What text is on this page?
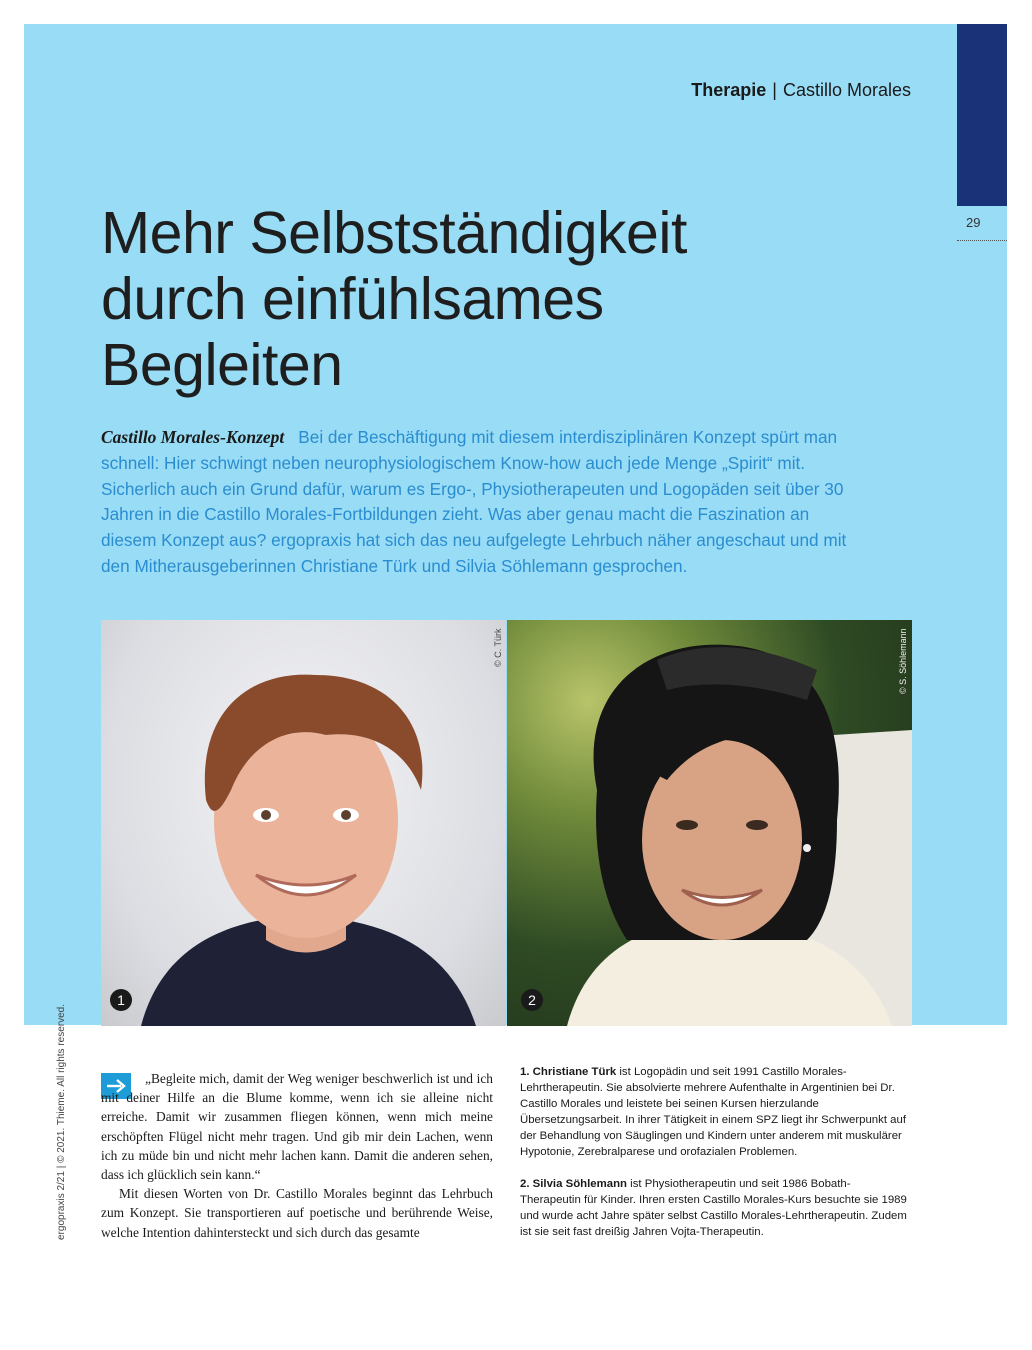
29
Therapie | Castillo Morales
Mehr Selbstständigkeit
durch einfühlsames
Begleiten
Castillo Morales-Konzept Bei der Beschäftigung mit diesem interdisziplinären Konzept spürt man schnell: Hier schwingt neben neurophysiologischem Know-how auch jede Menge „Spirit“ mit. Sicherlich auch ein Grund dafür, warum es Ergo-, Physiotherapeuten und Logopäden seit über 30 Jahren in die Castillo Morales-Fortbildungen zieht. Was aber genau macht die Faszination an diesem Konzept aus? ergopraxis hat sich das neu aufgelegte Lehrbuch näher angeschaut und mit den Mitherausgeberinnen Christiane Türk und Silvia Söhlemann gesprochen.
© C. Türk
1
© S. Söhlemann
2
ergopraxis 2/21 | © 2021. Thieme. All rights reserved.	„Begleite mich, damit der Weg weniger beschwerlich ist und ich mit deiner Hilfe an die Blume komme, wenn ich sie alleine nicht erreiche. Damit wir zusammen fliegen können, wenn mich meine erschöpften Flügel nicht mehr tragen. Und gib mir dein Lachen, wenn ich zu müde bin und nicht mehr lachen kann. Damit die anderen sehen, dass ich glücklich sein kann.“

Mit diesen Worten von Dr. Castillo Morales beginnt das Lehrbuch zum Konzept. Sie transportieren auf poetische und berührende Weise, welche Intention dahintersteckt und sich durch das gesamte

1. Christiane Türk ist Logopädin und seit 1991 Castillo Morales-Lehrtherapeutin. Sie absolvierte mehrere Aufenthalte in Argentinien bei Dr. Castillo Morales und leistete bei seinen Kursen hierzulande Übersetzungsarbeit. In ihrer Tätigkeit in einem SPZ liegt ihr Schwerpunkt auf der Behandlung von Säuglingen und Kindern unter anderem mit muskulärer Hypotonie, Zerebralparese und orofazialen Problemen.

2. Silvia Söhlemann ist Physiotherapeutin und seit 1986 Bobath-Therapeutin für Kinder. Ihren ersten Castillo Morales-Kurs besuchte sie 1989 und wurde acht Jahre später selbst Castillo Morales-Lehrtherapeutin. Zudem ist sie seit fast dreißig Jahren Vojta-Therapeutin.
